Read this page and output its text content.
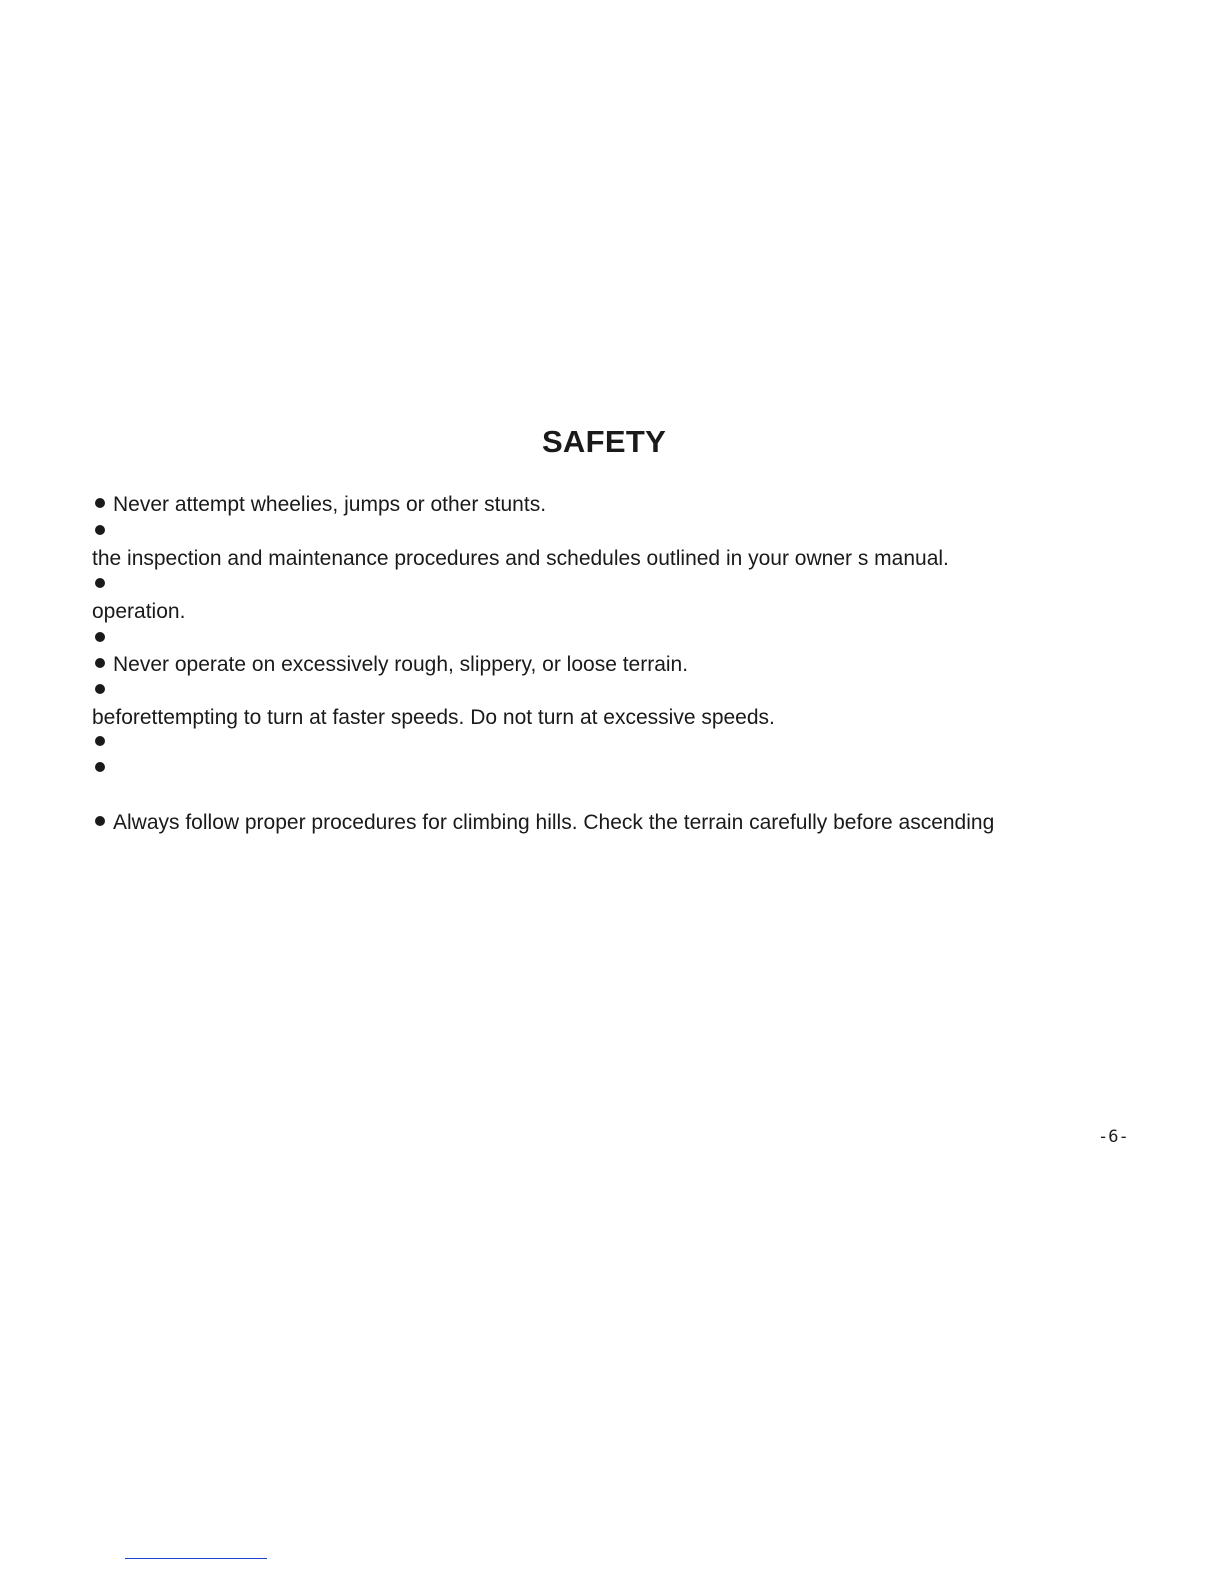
SAFETY
Never attempt wheelies, jumps or other stunts.
the inspection and maintenance procedures and schedules outlined in your owner s manual.
operation.
Never operate on excessively rough, slippery, or loose terrain.
beforettempting to turn at faster speeds. Do not turn at excessive speeds.
Always follow proper procedures for climbing hills. Check the terrain carefully before ascending
-6-
